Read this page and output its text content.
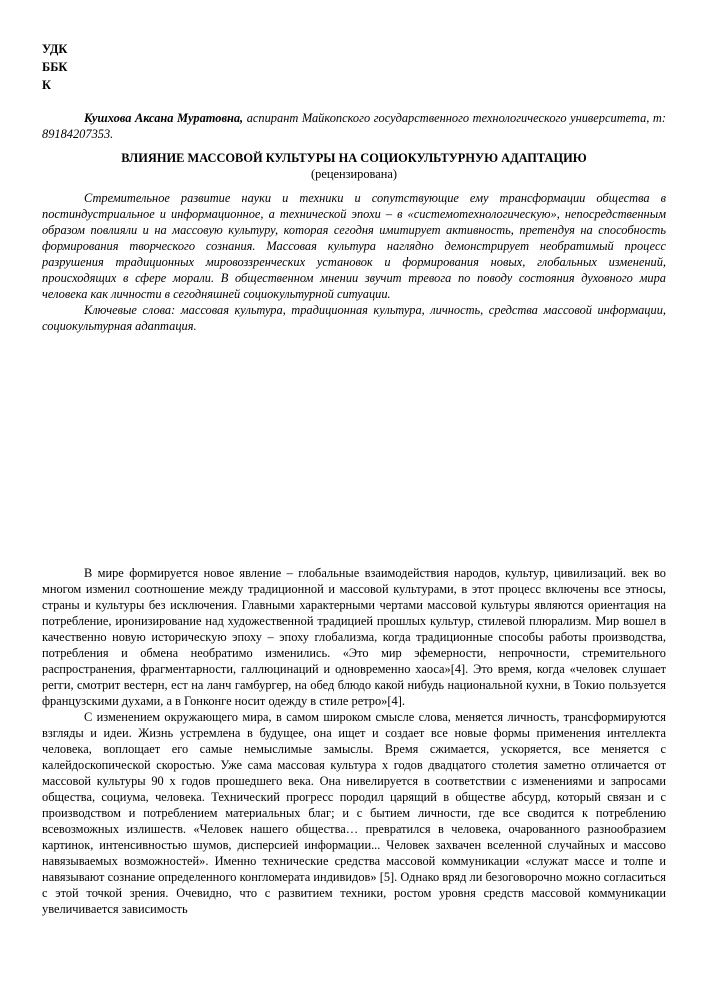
УДК
ББК
К
Кушхова Аксана Муратовна, аспирант Майкопского государственного технологического университета, т: 89184207353.
ВЛИЯНИЕ МАССОВОЙ КУЛЬТУРЫ НА СОЦИОКУЛЬТУРНУЮ АДАПТАЦИЮ
(рецензирована)
Стремительное развитие науки и техники и сопутствующие ему трансформации общества в постиндустриальное и информационное, а технической эпохи – в «системотехнологическую», непосредственным образом повлияли и на массовую культуру, которая сегодня имитирует активность, претендуя на способность формирования творческого сознания. Массовая культура наглядно демонстрирует необратимый процесс разрушения традиционных мировоззренческих установок и формирования новых, глобальных изменений, происходящих в сфере морали. В общественном мнении звучит тревога по поводу состояния духовного мира человека как личности в сегодняшней социокультурной ситуации.
Ключевые слова: массовая культура, традиционная культура, личность, средства массовой информации, социокультурная адаптация.

В мире формируется новое явление – глобальные взаимодействия народов, культур, цивилизаций. век во многом изменил соотношение между традиционной и массовой культурами, в этот процесс включены все этносы, страны и культуры без исключения. Главными характерными чертами массовой культуры являются ориентация на потребление, иронизирование над художественной традицией прошлых культур, стилевой плюрализм. Мир вошел в качественно новую историческую эпоху – эпоху глобализма, когда традиционные способы работы производства, потребления и обмена необратимо изменились. «Это мир эфемерности, непрочности, стремительного распространения, фрагментарности, галлюцинаций и одновременно хаоса»[4]. Это время, когда «человек слушает регги, смотрит вестерн, ест на ланч гамбургер, на обед блюдо какой нибудь национальной кухни, в Токио пользуется французскими духами, а в Гонконге носит одежду в стиле ретро»[4].

С изменением окружающего мира, в самом широком смысле слова, меняется личность, трансформируются взгляды и идеи. Жизнь устремлена в будущее, она ищет и создает все новые формы применения интеллекта человека, воплощает его самые немыслимые замыслы. Время сжимается, ускоряется, все меняется с калейдоскопической скоростью. Уже сама массовая культура х годов двадцатого столетия заметно отличается от массовой культуры 90 х годов прошедшего века. Она нивелируется в соответствии с изменениями и запросами общества, социума, человека. Технический прогресс породил царящий в обществе абсурд, который связан и с производством и потреблением материальных благ; и с бытием личности, где все сводится к потреблению всевозможных излишеств. «Человек нашего общества… превратился в человека, очарованного разнообразием картинок, интенсивностью шумов, дисперсией информации... Человек захвачен вселенной случайных и массово навязываемых возможностей». Именно технические средства массовой коммуникации «служат массе и толпе и навязывают сознание определенного конгломерата индивидов» [5]. Однако вряд ли безоговорочно можно согласиться с этой точкой зрения. Очевидно, что с развитием техники, ростом уровня средств массовой коммуникации увеличивается зависимость
